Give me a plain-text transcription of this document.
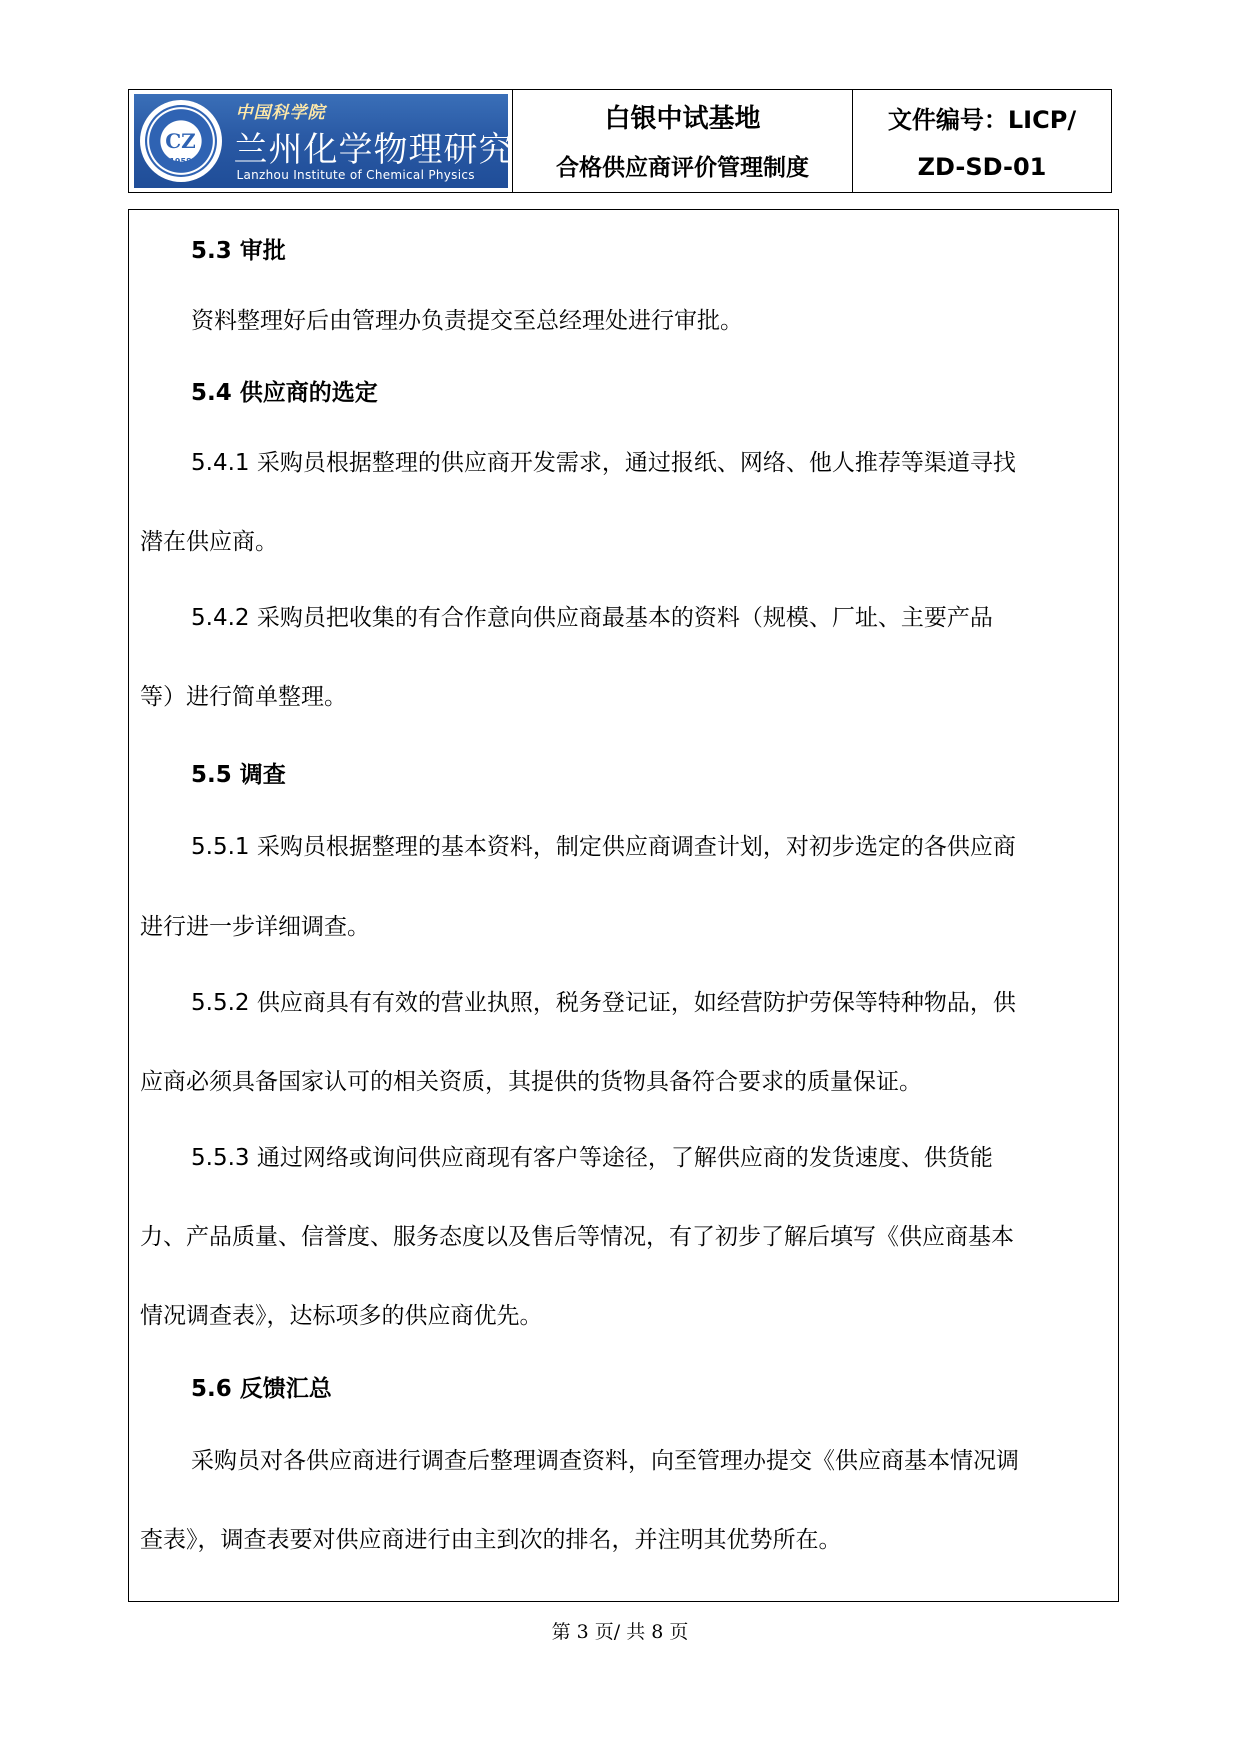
CZ
1958
中国科学院
兰州化学物理研究所
Lanzhou Institute of Chemical Physics
白银中试基地
合格供应商评价管理制度
文件编号：LICP/
ZD-SD-01
5.3 审批
资料整理好后由管理办负责提交至总经理处进行审批。
5.4 供应商的选定
5.4.1 采购员根据整理的供应商开发需求，通过报纸、网络、他人推荐等渠道寻找
潜在供应商。
5.4.2 采购员把收集的有合作意向供应商最基本的资料（规模、厂址、主要产品
等）进行简单整理。
5.5 调查
5.5.1 采购员根据整理的基本资料，制定供应商调查计划，对初步选定的各供应商
进行进一步详细调查。
5.5.2 供应商具有有效的营业执照，税务登记证，如经营防护劳保等特种物品，供
应商必须具备国家认可的相关资质，其提供的货物具备符合要求的质量保证。
5.5.3 通过网络或询问供应商现有客户等途径，了解供应商的发货速度、供货能
力、产品质量、信誉度、服务态度以及售后等情况，有了初步了解后填写《供应商基本
情况调查表》，达标项多的供应商优先。
5.6 反馈汇总
采购员对各供应商进行调查后整理调查资料，向至管理办提交《供应商基本情况调
查表》，调查表要对供应商进行由主到次的排名，并注明其优势所在。
第 3 页/ 共 8 页
